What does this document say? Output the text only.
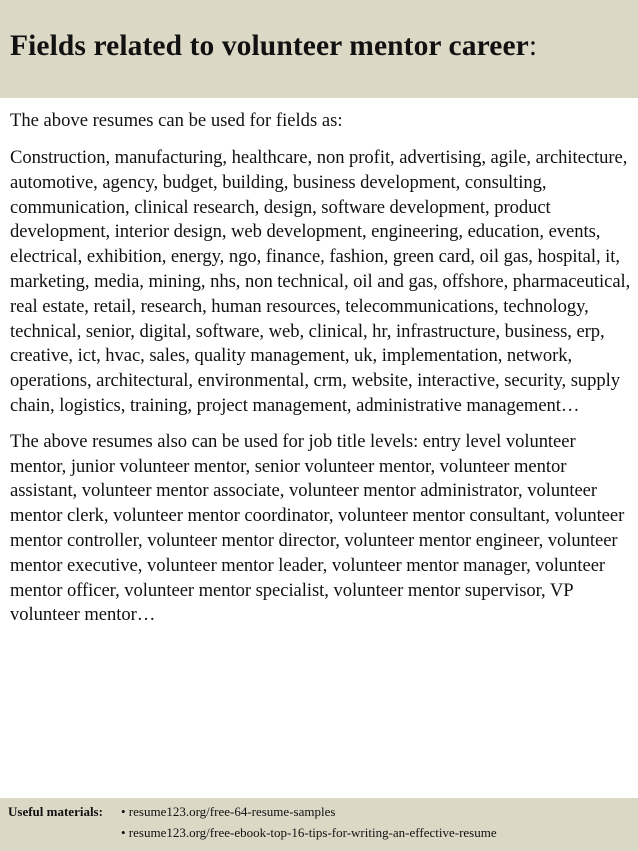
Fields related to volunteer mentor career:

The above resumes can be used for fields as:

Construction, manufacturing, healthcare, non profit, advertising, agile, architecture, automotive, agency, budget, building, business development, consulting, communication, clinical research, design, software development, product development, interior design, web development, engineering, education, events, electrical, exhibition, energy, ngo, finance, fashion, green card, oil gas, hospital, it, marketing, media, mining, nhs, non technical, oil and gas, offshore, pharmaceutical, real estate, retail, research, human resources, telecommunications, technology, technical, senior, digital, software, web, clinical, hr, infrastructure, business, erp, creative, ict, hvac, sales, quality management, uk, implementation, network, operations, architectural, environmental, crm, website, interactive, security, supply chain, logistics, training, project management, administrative management…

The above resumes also can be used for job title levels: entry level volunteer mentor, junior volunteer mentor, senior volunteer mentor, volunteer mentor assistant, volunteer mentor associate, volunteer mentor administrator, volunteer mentor clerk, volunteer mentor coordinator, volunteer mentor consultant, volunteer mentor controller, volunteer mentor director, volunteer mentor engineer, volunteer mentor executive, volunteer mentor leader, volunteer mentor manager, volunteer mentor officer, volunteer mentor specialist, volunteer mentor supervisor, VP volunteer mentor…

Useful materials:	• resume123.org/free-64-resume-samples
• resume123.org/free-ebook-top-16-tips-for-writing-an-effective-resume
